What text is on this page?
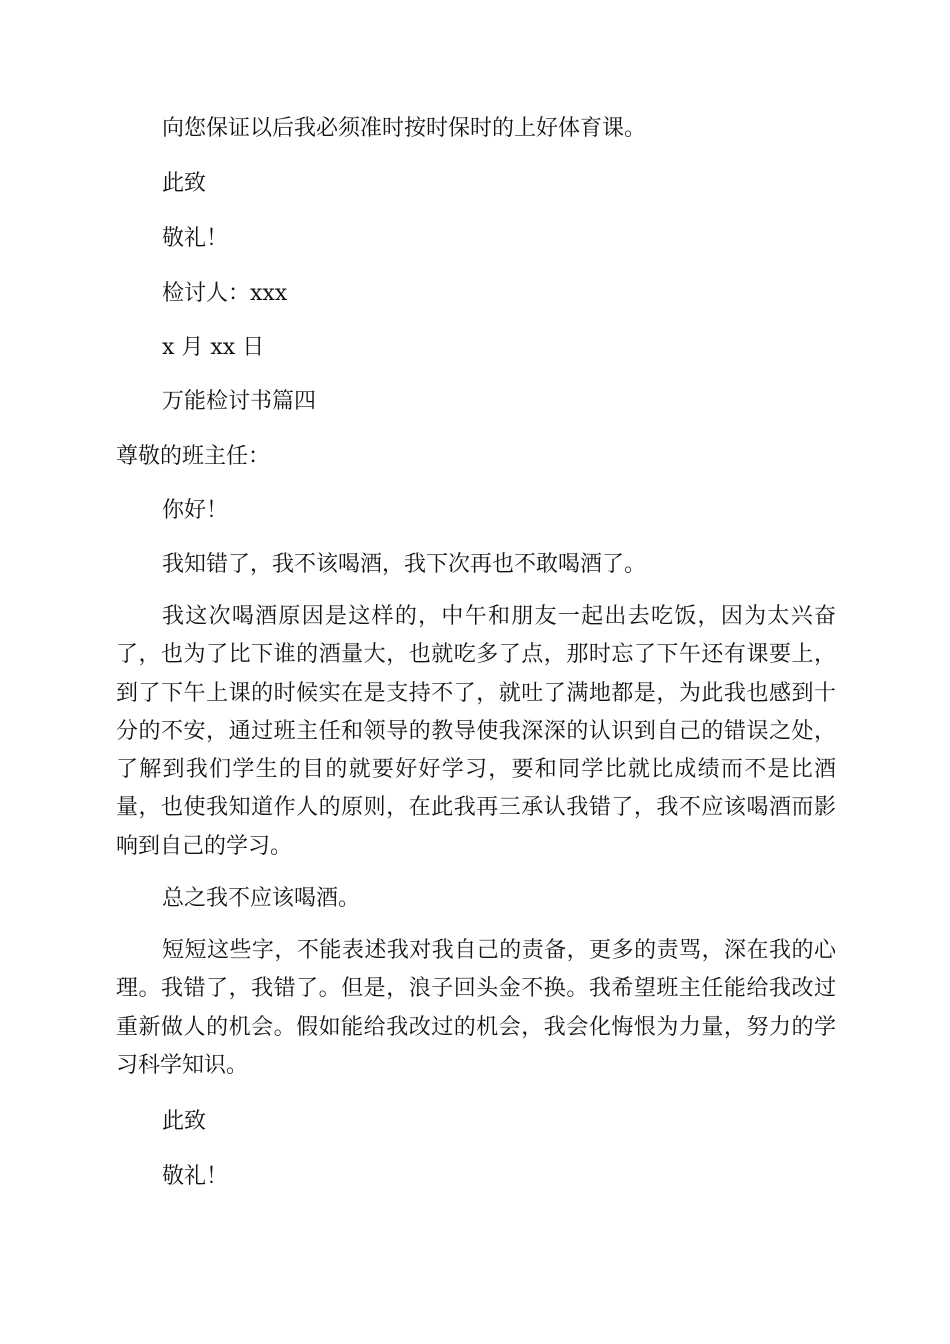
向您保证以后我必须准时按时保时的上好体育课。
此致
敬礼！
检讨人：xxx
x 月 xx 日
万能检讨书篇四
尊敬的班主任：
你好！
我知错了，我不该喝酒，我下次再也不敢喝酒了。
我这次喝酒原因是这样的，中午和朋友一起出去吃饭，因为太兴奋了，也为了比下谁的酒量大，也就吃多了点，那时忘了下午还有课要上，到了下午上课的时候实在是支持不了，就吐了满地都是，为此我也感到十分的不安，通过班主任和领导的教导使我深深的认识到自己的错误之处，了解到我们学生的目的就要好好学习，要和同学比就比成绩而不是比酒量，也使我知道作人的原则，在此我再三承认我错了，我不应该喝酒而影响到自己的学习。
总之我不应该喝酒。
短短这些字，不能表述我对我自己的责备，更多的责骂，深在我的心理。我错了，我错了。但是，浪子回头金不换。我希望班主任能给我改过重新做人的机会。假如能给我改过的机会，我会化悔恨为力量，努力的学习科学知识。
此致
敬礼！
